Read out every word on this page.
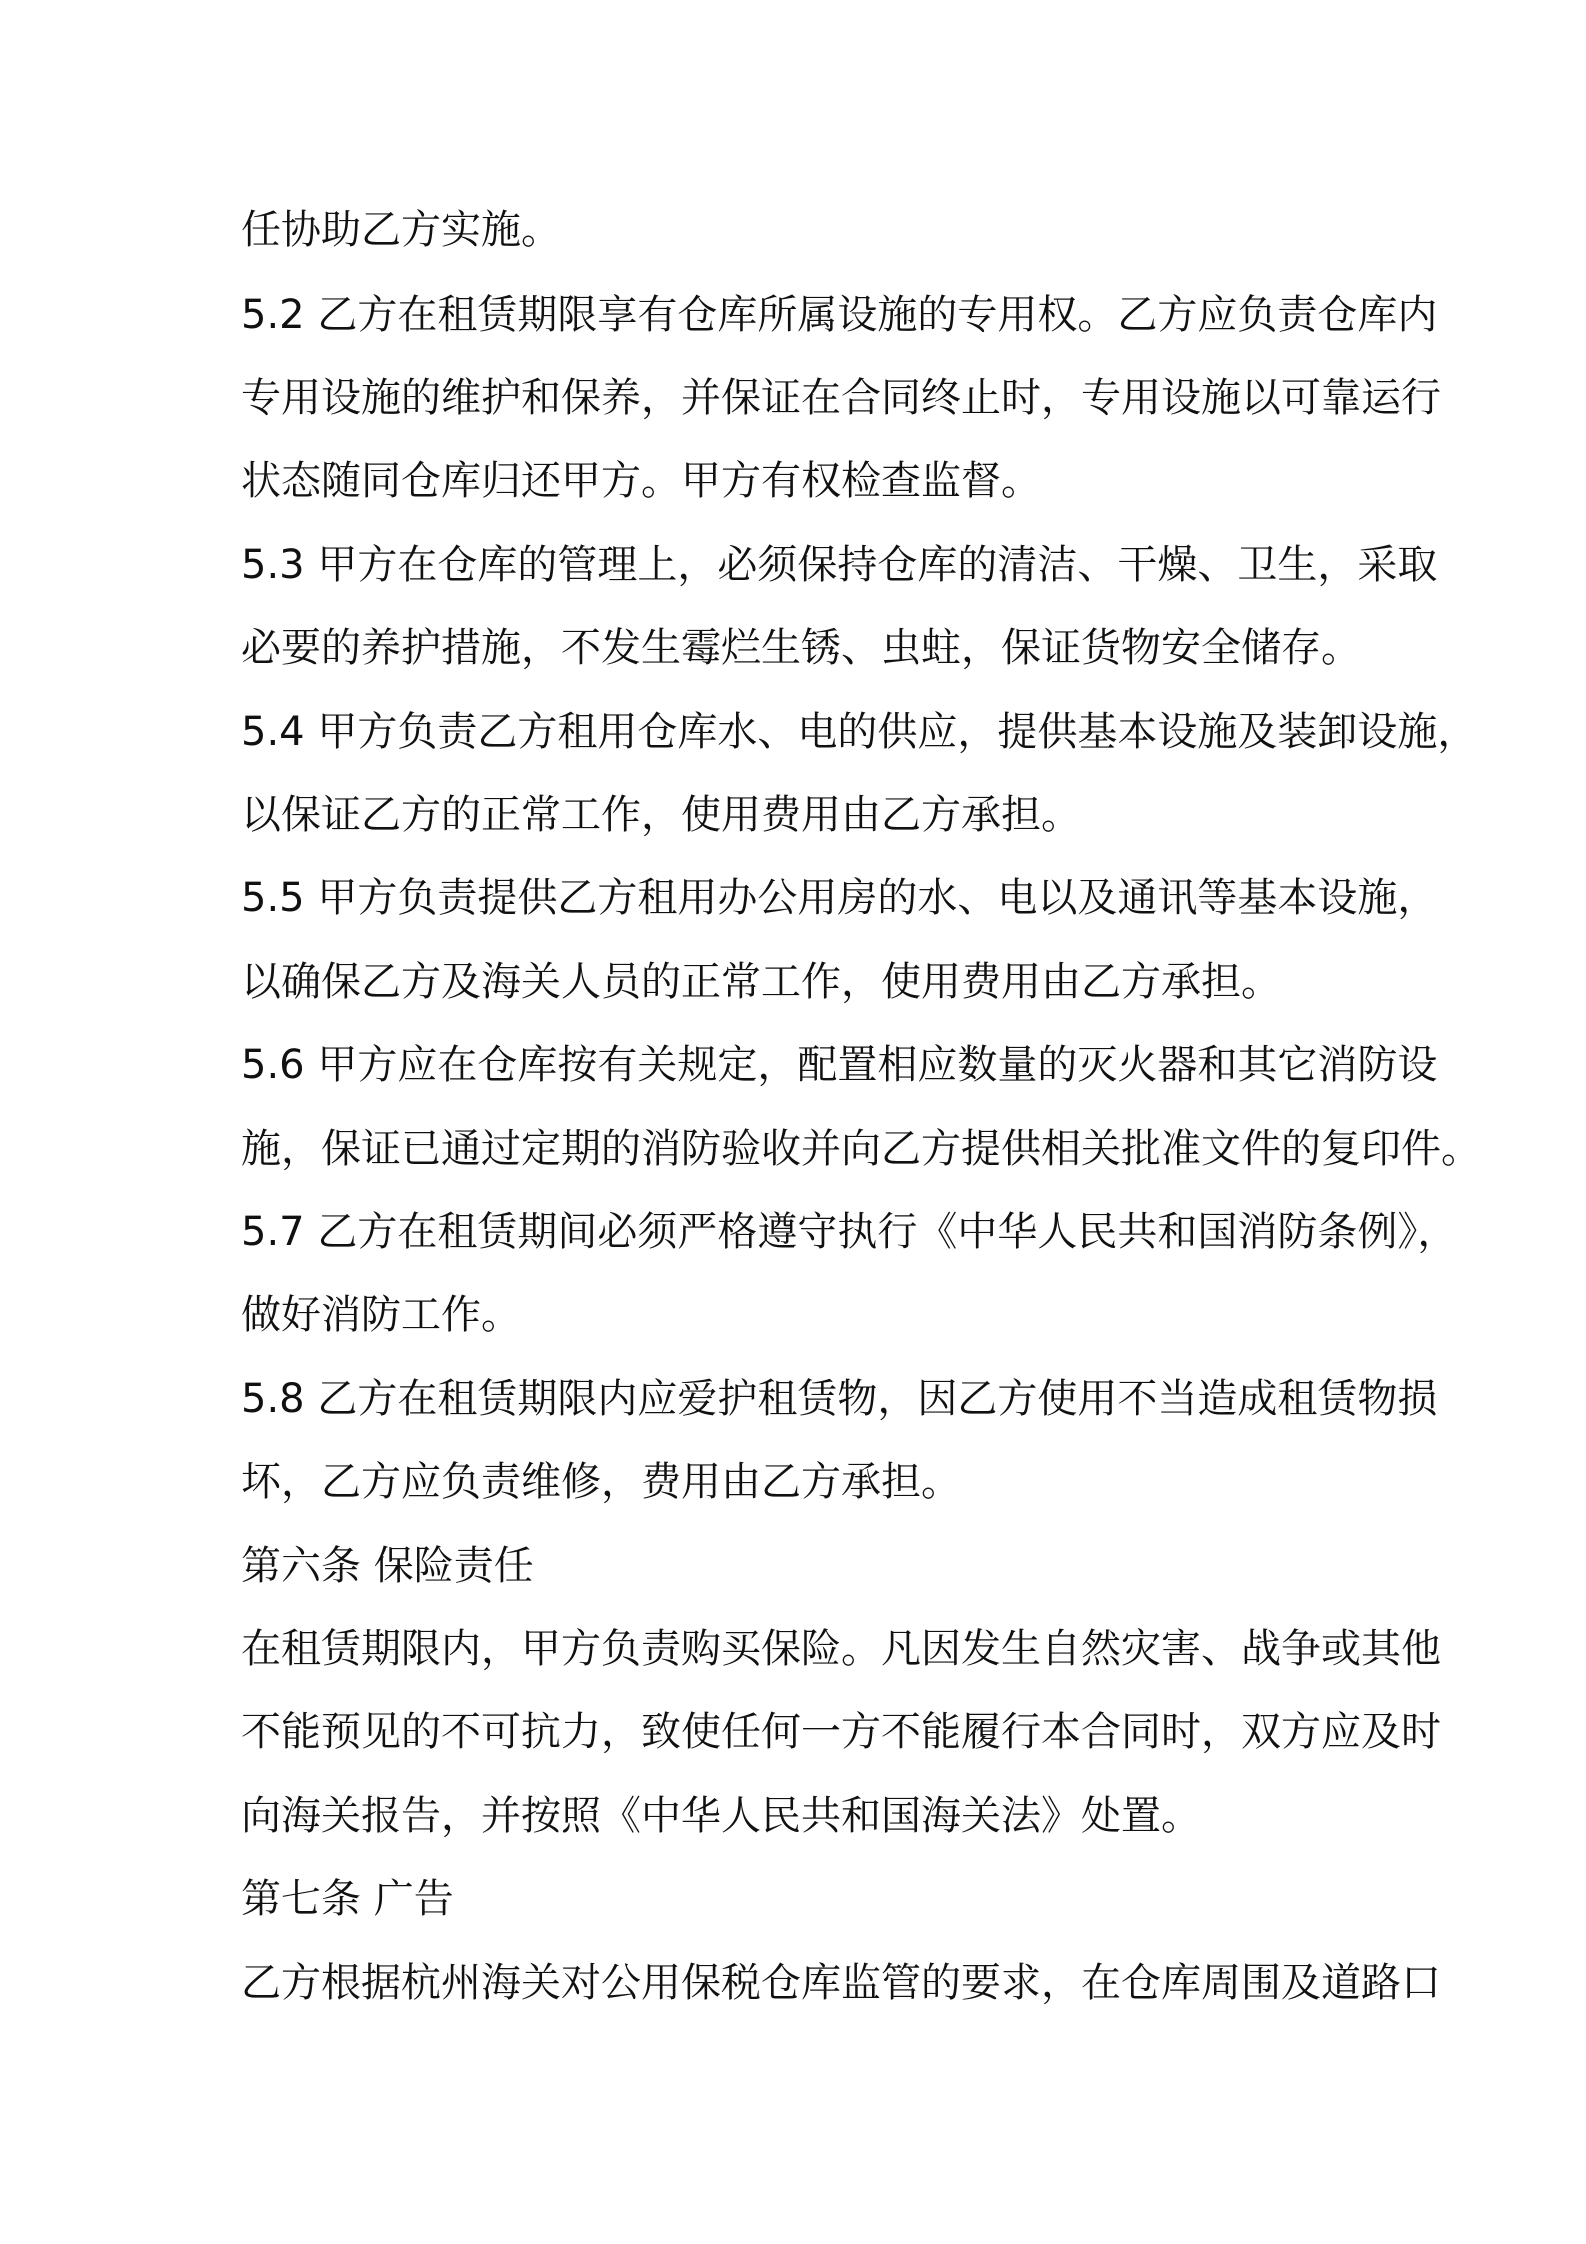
任协助乙方实施。
5.2 乙方在租赁期限享有仓库所属设施的专用权。乙方应负责仓库内
专用设施的维护和保养，并保证在合同终止时，专用设施以可靠运行
状态随同仓库归还甲方。甲方有权检查监督。
5.3 甲方在仓库的管理上，必须保持仓库的清洁、干燥、卫生，采取
必要的养护措施，不发生霉烂生锈、虫蛀，保证货物安全储存。
5.4 甲方负责乙方租用仓库水、电的供应，提供基本设施及装卸设施，
以保证乙方的正常工作，使用费用由乙方承担。
5.5 甲方负责提供乙方租用办公用房的水、电以及通讯等基本设施，
以确保乙方及海关人员的正常工作，使用费用由乙方承担。
5.6 甲方应在仓库按有关规定，配置相应数量的灭火器和其它消防设
施，保证已通过定期的消防验收并向乙方提供相关批准文件的复印件。
5.7 乙方在租赁期间必须严格遵守执行《中华人民共和国消防条例》，
做好消防工作。
5.8 乙方在租赁期限内应爱护租赁物，因乙方使用不当造成租赁物损
坏，乙方应负责维修，费用由乙方承担。
第六条 保险责任
在租赁期限内，甲方负责购买保险。凡因发生自然灾害、战争或其他
不能预见的不可抗力，致使任何一方不能履行本合同时，双方应及时
向海关报告，并按照《中华人民共和国海关法》处置。
第七条 广告
乙方根据杭州海关对公用保税仓库监管的要求，在仓库周围及道路口
